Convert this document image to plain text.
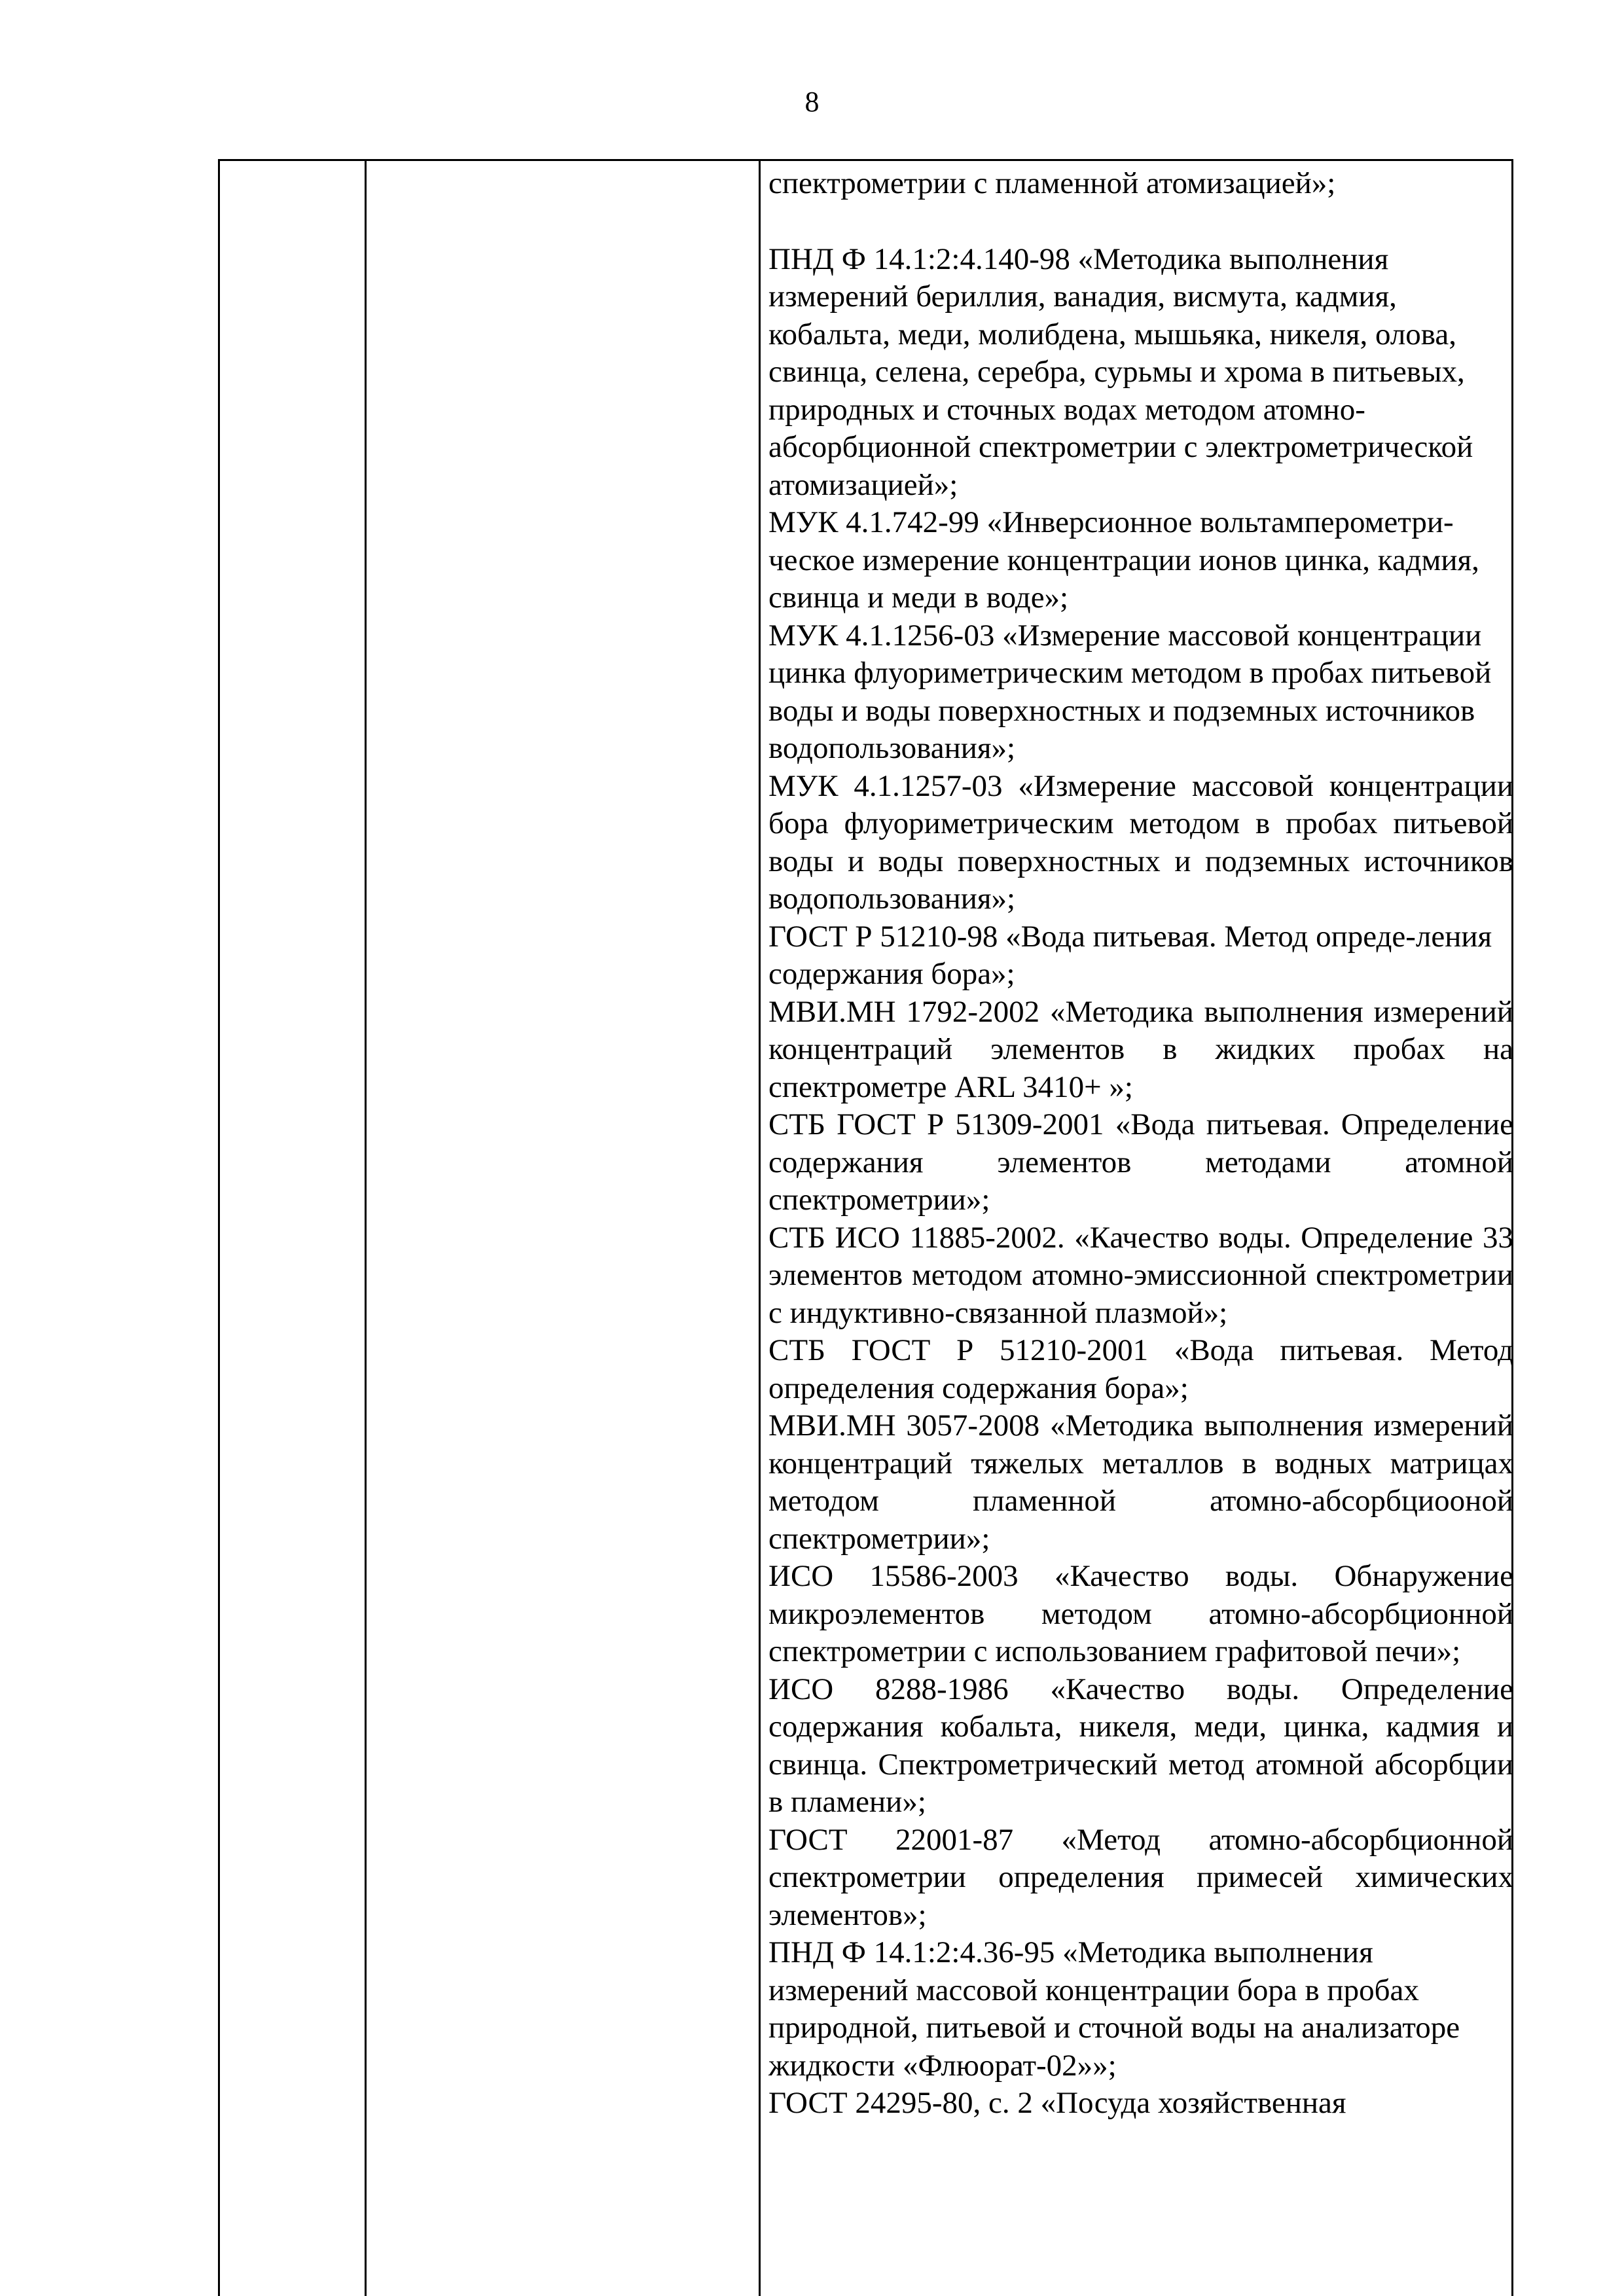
8

спектрометрии с пламенной атомизацией»;

ПНД Ф 14.1:2:4.140-98 «Методика выполнения измерений бериллия, ванадия, висмута, кадмия, кобальта, меди, молибдена, мышьяка, никеля, олова, свинца, селена, серебра, сурьмы и хрома в питьевых, природных и сточных водах методом атомно-абсорбционной спектрометрии с электрометрической атомизацией»;

МУК 4.1.742-99 «Инверсионное вольтамперометри-ческое измерение концентрации ионов цинка, кадмия, свинца и меди в воде»;

МУК 4.1.1256-03 «Измерение массовой концентрации цинка флуориметрическим методом в пробах питьевой воды и воды поверхностных и подземных источников водопользования»;

МУК 4.1.1257-03 «Измерение массовой концентрации бора флуориметрическим методом в пробах питьевой воды и воды поверхностных и подземных источников водопользования»;

ГОСТ Р 51210-98 «Вода питьевая. Метод опреде-ления содержания бора»;

МВИ.МН 1792-2002 «Методика выполнения измерений концентраций элементов в жидких пробах на спектрометре ARL 3410+ »;

СТБ ГОСТ Р 51309-2001 «Вода питьевая. Определение содержания элементов методами атомной спектрометрии»;

СТБ ИСО 11885-2002. «Качество воды. Определение 33 элементов методом атомно-эмиссионной спектрометрии с индуктивно-связанной плазмой»;

СТБ ГОСТ Р 51210-2001 «Вода питьевая. Метод определения содержания бора»;

МВИ.МН 3057-2008 «Методика выполнения измерений концентраций тяжелых металлов в водных матрицах методом пламенной атомно-абсорбциооной спектрометрии»;

ИСО 15586-2003 «Качество воды. Обнаружение микроэлементов методом атомно-абсорбционной спектрометрии с использованием графитовой печи»;

ИСО 8288-1986 «Качество воды. Определение содержания кобальта, никеля, меди, цинка, кадмия и свинца. Спектрометрический метод атомной абсорбции в пламени»;

ГОСТ 22001-87 «Метод атомно-абсорбционной спектрометрии определения примесей химических элементов»;

ПНД Ф 14.1:2:4.36-95 «Методика выполнения измерений массовой концентрации бора в пробах природной, питьевой и сточной воды на анализаторе жидкости «Флюорат-02»»;

ГОСТ 24295-80, с. 2 «Посуда хозяйственная
